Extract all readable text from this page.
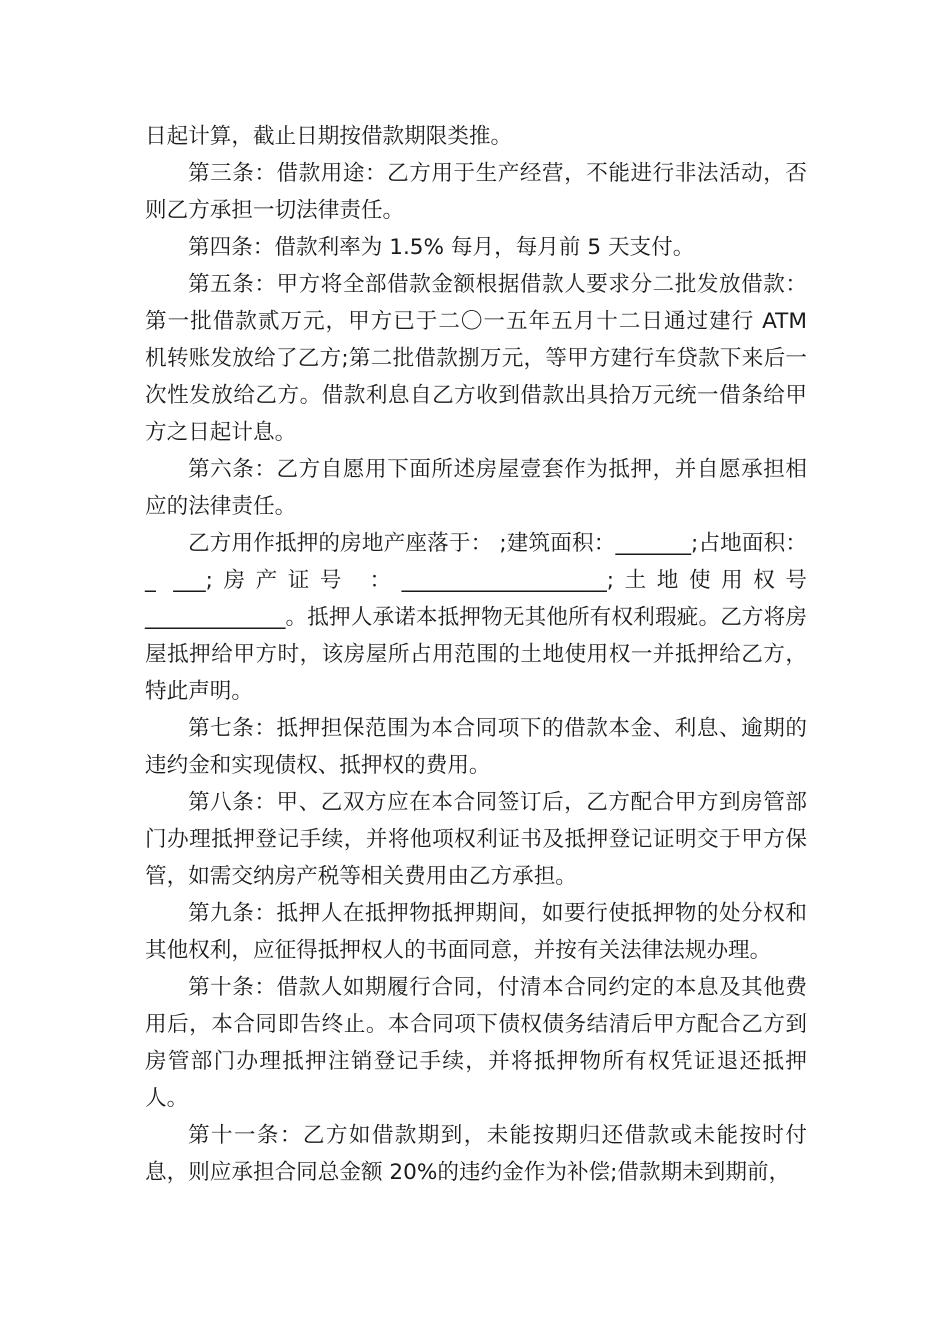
日起计算，截止日期按借款期限类推。

第三条：借款用途：乙方用于生产经营，不能进行非法活动，否则乙方承担一切法律责任。

第四条：借款利率为 1.5% 每月，每月前 5 天支付。

第五条：甲方将全部借款金额根据借款人要求分二批发放借款：第一批借款贰万元，甲方已于二〇一五年五月十二日通过建行 ATM 机转账发放给了乙方;第二批借款捌万元，等甲方建行车贷款下来后一次性发放给乙方。借款利息自乙方收到借款出具拾万元统一借条给甲方之日起计息。

第六条：乙方自愿用下面所述房屋壹套作为抵押，并自愿承担相应的法律责任。

乙方用作抵押的房地产座落于： ;建筑面积：_______;占地面积：_ ___;房产证号 ：___________________;土地使用权号_____________。抵押人承诺本抵押物无其他所有权利瑕疵。乙方将房屋抵押给甲方时，该房屋所占用范围的土地使用权一并抵押给乙方，特此声明。

第七条：抵押担保范围为本合同项下的借款本金、利息、逾期的违约金和实现债权、抵押权的费用。

第八条：甲、乙双方应在本合同签订后，乙方配合甲方到房管部门办理抵押登记手续，并将他项权利证书及抵押登记证明交于甲方保管，如需交纳房产税等相关费用由乙方承担。

第九条：抵押人在抵押物抵押期间，如要行使抵押物的处分权和其他权利，应征得抵押权人的书面同意，并按有关法律法规办理。

第十条：借款人如期履行合同，付清本合同约定的本息及其他费用后，本合同即告终止。本合同项下债权债务结清后甲方配合乙方到房管部门办理抵押注销登记手续，并将抵押物所有权凭证退还抵押人。

第十一条：乙方如借款期到，未能按期归还借款或未能按时付息，则应承担合同总金额 20%的违约金作为补偿;借款期未到期前，
